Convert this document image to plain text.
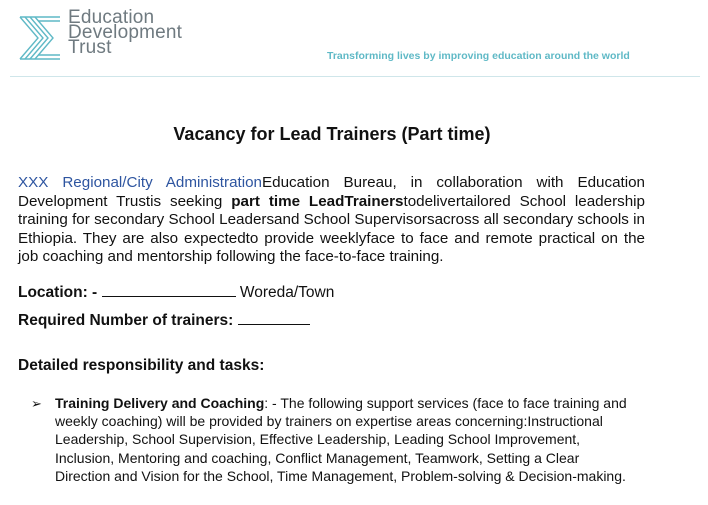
Education
Development
Trust	Transforming lives by improving education around the world
Vacancy for Lead Trainers (Part time)

XXX Regional/City AdministrationEducation Bureau, in collaboration with Education Development Trustis seeking part time LeadTrainerstodelivertailored School leadership training for secondary School Leadersand School Supervisorsacross all secondary schools in Ethiopia. They are also expectedto provide weeklyface to face and remote practical on the job coaching and mentorship following the face-to-face training.

Location: -	Woreda/Town
Required Number of trainers:
Detailed responsibility and tasks:
➢ Training Delivery and Coaching: - The following support services (face to face training and weekly coaching) will be provided by trainers on expertise areas concerning:Instructional Leadership, School Supervision, Effective Leadership, Leading School Improvement, Inclusion, Mentoring and coaching, Conflict Management, Teamwork, Setting a Clear Direction and Vision for the School, Time Management, Problem-solving & Decision-making.
